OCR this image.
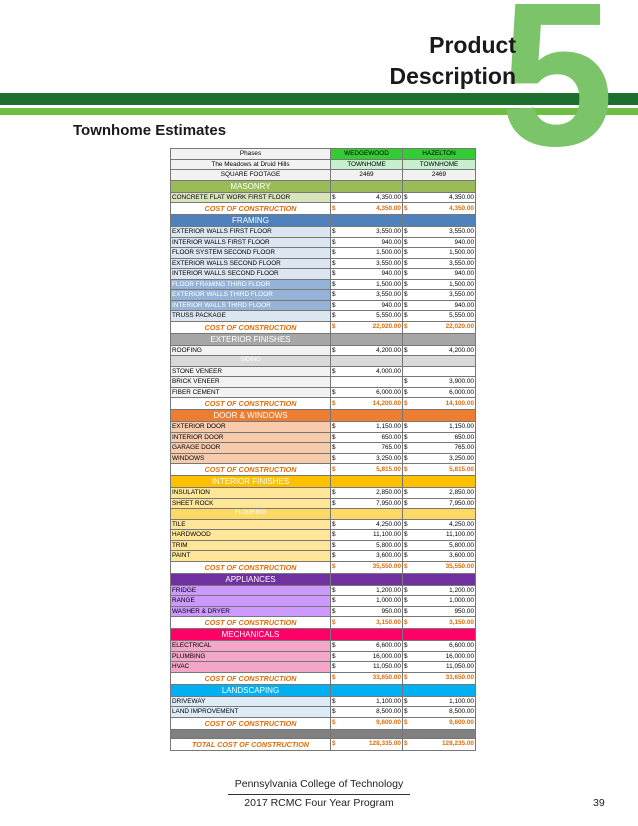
5
Product
Description
Townhome Estimates
Phases	WEDGEWOOD	HAZELTON
The Meadows at Druid Hills	TOWNHOME	TOWNHOME
SQUARE FOOTAGE	2469	2469
MASONRY		
CONCRETE FLAT WORK FIRST FLOOR	$ 4,350.00	$ 4,350.00

COST OF CONSTRUCTION	$ 4,350.00	$ 4,350.00

FRAMING		
EXTERIOR WALLS FIRST FLOOR	$ 3,550.00	$ 3,550.00

INTERIOR WALLS FIRST FLOOR	$ 940.00	$ 940.00

FLOOR SYSTEM SECOND FLOOR	$ 1,500.00	$ 1,500.00

EXTERIOR WALLS SECOND FLOOR	$ 3,550.00	$ 3,550.00

INTERIOR WALLS SECOND FLOOR	$ 940.00	$ 940.00

FLOOR FRAMING THIRD FLOOR	$ 1,500.00	$ 1,500.00

EXTERIOR WALLS THIRD FLOOR	$ 3,550.00	$ 3,550.00

INTERIOR WALLS THIRD FLOOR	$ 940.00	$ 940.00

TRUSS PACKAGE	$ 5,550.00	$ 5,550.00

COST OF CONSTRUCTION	$ 22,020.00	$ 22,020.00

EXTERIOR FINISHES		
ROOFING	$ 4,200.00	$ 4,200.00

SIDING		
STONE VENEER	$ 4,000.00	

BRICK VENEER		$ 3,900.00

FIBER CEMENT	$ 6,000.00	$ 6,000.00

COST OF CONSTRUCTION	$ 14,200.00	$ 14,100.00

DOOR & WINDOWS		
EXTERIOR DOOR	$ 1,150.00	$ 1,150.00

INTERIOR DOOR	$ 650.00	$ 650.00

GARAGE DOOR	$ 765.00	$ 765.00

WINDOWS	$ 3,250.00	$ 3,250.00

COST OF CONSTRUCTION	$ 5,815.00	$ 5,815.00

INTERIOR FINISHES		
INSULATION	$ 2,850.00	$ 2,850.00

SHEET ROCK	$ 7,950.00	$ 7,950.00

FLOORING		
TILE	$ 4,250.00	$ 4,250.00

HARDWOOD	$ 11,100.00	$ 11,100.00

TRIM	$ 5,800.00	$ 5,800.00

PAINT	$ 3,600.00	$ 3,600.00

COST OF CONSTRUCTION	$ 35,550.00	$ 35,550.00

APPLIANCES		
FRIDGE	$ 1,200.00	$ 1,200.00

RANGE	$ 1,000.00	$ 1,000.00

WASHER & DRYER	$ 950.00	$ 950.00

COST OF CONSTRUCTION	$ 3,150.00	$ 3,150.00

MECHANICALS		
ELECTRICAL	$ 6,600.00	$ 6,600.00

PLUMBING	$ 16,000.00	$ 16,000.00

HVAC	$ 11,050.00	$ 11,050.00

COST OF CONSTRUCTION	$ 33,650.00	$ 33,650.00

LANDSCAPING		
DRIVEWAY	$ 1,100.00	$ 1,100.00

LAND IMPROVEMENT	$ 8,500.00	$ 8,500.00

COST OF CONSTRUCTION	$ 9,600.00	$ 9,600.00

TOTAL COST OF CONSTRUCTION	$ 128,335.00	$ 128,235.00
Pennsylvania College of Technology
2017 RCMC Four Year Program	39
